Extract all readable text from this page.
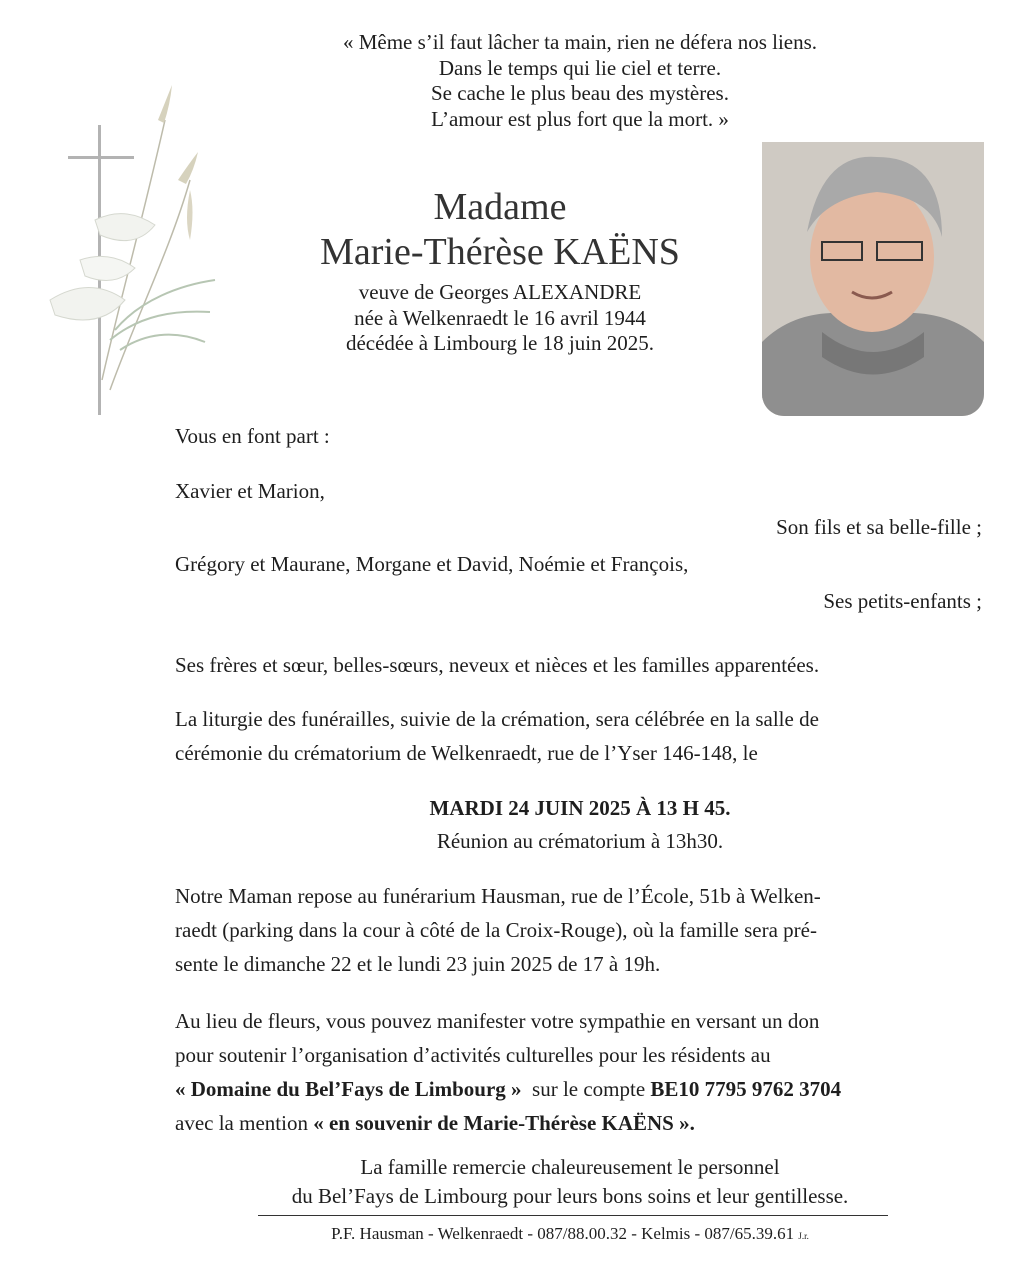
« Même s’il faut lâcher ta main, rien ne défera nos liens.
Dans le temps qui lie ciel et terre.
Se cache le plus beau des mystères.
L’amour est plus fort que la mort. »
Madame
Marie-Thérèse KAËNS
veuve de Georges ALEXANDRE
née à Welkenraedt le 16 avril 1944
décédée à Limbourg le 18 juin 2025.
Vous en font part :
Xavier et Marion,
Son fils et sa belle-fille ;
Grégory et Maurane, Morgane et David, Noémie et François,
Ses petits-enfants ;
Ses frères et sœur, belles-sœurs, neveux et nièces et les familles apparentées.
La liturgie des funérailles, suivie de la crémation, sera célébrée en la salle de
cérémonie du crématorium de Welkenraedt, rue de l’Yser 146-148, le
MARDI 24 JUIN 2025 À 13 H 45.
Réunion au crématorium à 13h30.
Notre Maman repose au funérarium Hausman, rue de l’École, 51b à Welken-
raedt (parking dans la cour à côté de la Croix-Rouge), où la famille sera pré-
sente le dimanche 22 et le lundi 23 juin 2025 de 17 à 19h.
Au lieu de fleurs, vous pouvez manifester votre sympathie en versant un don
pour soutenir l’organisation d’activités culturelles pour les résidents au
« Domaine du Bel’Fays de Limbourg » sur le compte BE10 7795 9762 3704
avec la mention « en souvenir de Marie-Thérèse KAËNS ».
La famille remercie chaleureusement le personnel
du Bel’Fays de Limbourg pour leurs bons soins et leur gentillesse.
P.F. Hausman - Welkenraedt - 087/88.00.32 - Kelmis - 087/65.39.61 J.r.
